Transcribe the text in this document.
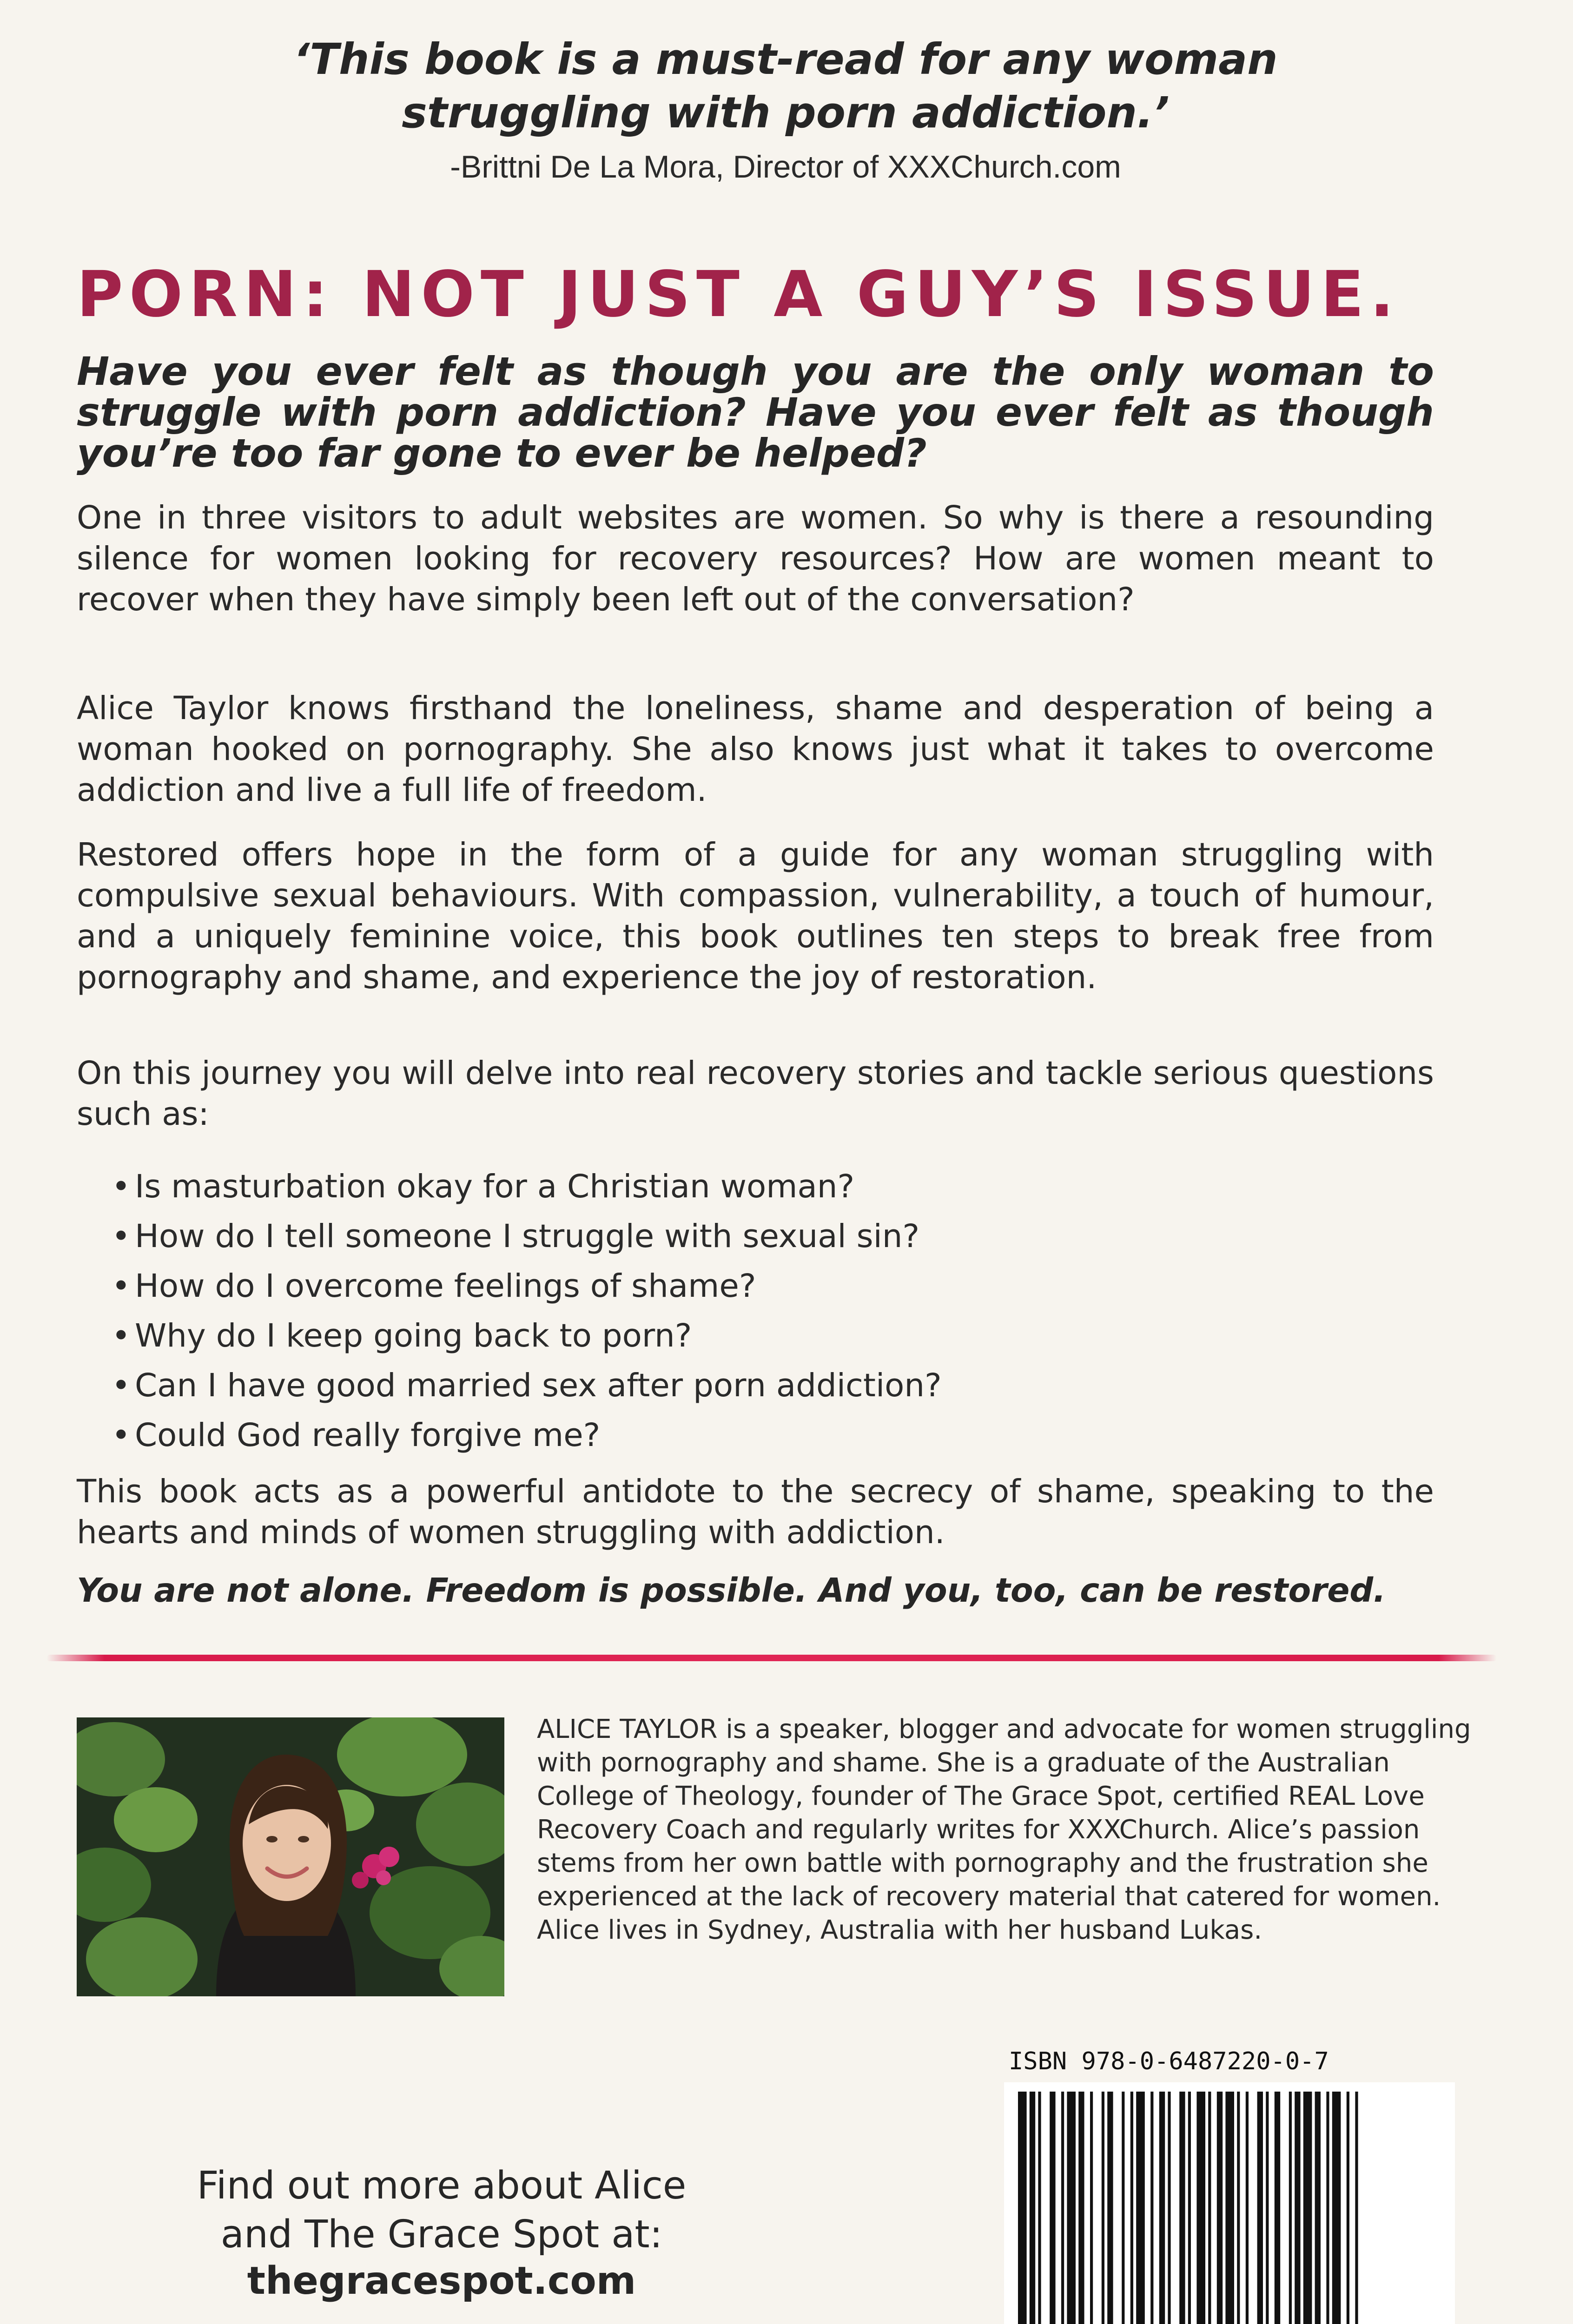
‘This book is a must-read for any woman
struggling with porn addiction.’
-Brittni De La Mora, Director of XXXChurch.com
PORN: NOT JUST A GUY’S ISSUE.
Have you ever felt as though you are the only woman to struggle with porn addiction? Have you ever felt as though you’re too far gone to ever be helped?
One in three visitors to adult websites are women. So why is there a resounding silence for women looking for recovery resources? How are women meant to recover when they have simply been left out of the conversation?
Alice Taylor knows firsthand the loneliness, shame and desperation of being a woman hooked on pornography. She also knows just what it takes to overcome addiction and live a full life of freedom.
Restored offers hope in the form of a guide for any woman struggling with compulsive sexual behaviours. With compassion, vulnerability, a touch of humour, and a uniquely feminine voice, this book outlines ten steps to break free from pornography and shame, and experience the joy of restoration.
On this journey you will delve into real recovery stories and tackle serious questions such as:
• Is masturbation okay for a Christian woman?
• How do I tell someone I struggle with sexual sin?
• How do I overcome feelings of shame?
• Why do I keep going back to porn?
• Can I have good married sex after porn addiction?
• Could God really forgive me?
This book acts as a powerful antidote to the secrecy of shame, speaking to the hearts and minds of women struggling with addiction.
You are not alone. Freedom is possible. And you, too, can be restored.
ALICE TAYLOR is a speaker, blogger and advocate for women struggling with pornography and shame. She is a graduate of the Australian College of Theology, founder of The Grace Spot, certified REAL Love Recovery Coach and regularly writes for XXXChurch. Alice’s passion stems from her own battle with pornography and the frustration she experienced at the lack of recovery material that catered for women. Alice lives in Sydney, Australia with her husband Lukas.
Find out more about Alice
and The Grace Spot at:
thegracespot.com
ISBN 978-0-6487220-0-7
